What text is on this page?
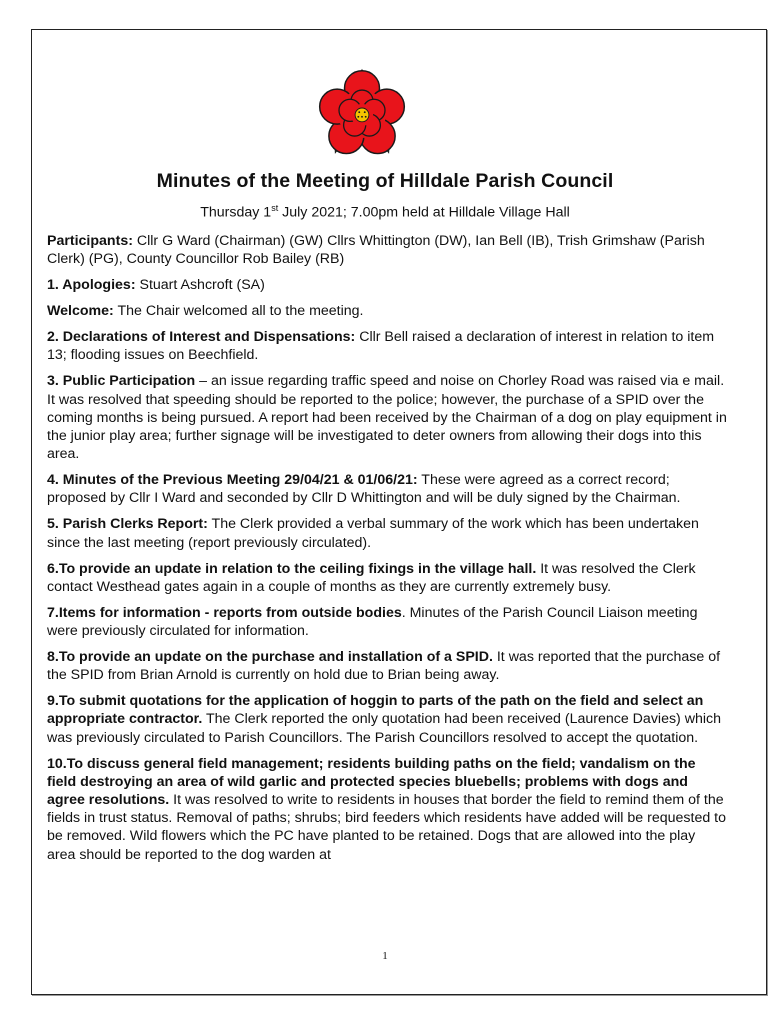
Minutes of the Meeting of Hilldale Parish Council
Thursday 1st July 2021; 7.00pm held at Hilldale Village Hall

Participants: Cllr G Ward (Chairman) (GW) Cllrs Whittington (DW), Ian Bell (IB), Trish Grimshaw (Parish Clerk) (PG), County Councillor Rob Bailey (RB)

1. Apologies: Stuart Ashcroft (SA)

Welcome: The Chair welcomed all to the meeting.

2. Declarations of Interest and Dispensations: Cllr Bell raised a declaration of interest in relation to item 13; flooding issues on Beechfield.

3. Public Participation – an issue regarding traffic speed and noise on Chorley Road was raised via e mail. It was resolved that speeding should be reported to the police; however, the purchase of a SPID over the coming months is being pursued. A report had been received by the Chairman of a dog on play equipment in the junior play area; further signage will be investigated to deter owners from allowing their dogs into this area.

4. Minutes of the Previous Meeting 29/04/21 & 01/06/21: These were agreed as a correct record; proposed by Cllr I Ward and seconded by Cllr D Whittington and will be duly signed by the Chairman.

5. Parish Clerks Report: The Clerk provided a verbal summary of the work which has been undertaken since the last meeting (report previously circulated).

6.To provide an update in relation to the ceiling fixings in the village hall. It was resolved the Clerk contact Westhead gates again in a couple of months as they are currently extremely busy.

7.Items for information - reports from outside bodies. Minutes of the Parish Council Liaison meeting were previously circulated for information.

8.To provide an update on the purchase and installation of a SPID. It was reported that the purchase of the SPID from Brian Arnold is currently on hold due to Brian being away.

9.To submit quotations for the application of hoggin to parts of the path on the field and select an appropriate contractor. The Clerk reported the only quotation had been received (Laurence Davies) which was previously circulated to Parish Councillors. The Parish Councillors resolved to accept the quotation.

10.To discuss general field management; residents building paths on the field; vandalism on the field destroying an area of wild garlic and protected species bluebells; problems with dogs and agree resolutions. It was resolved to write to residents in houses that border the field to remind them of the fields in trust status. Removal of paths; shrubs; bird feeders which residents have added will be requested to be removed. Wild flowers which the PC have planted to be retained. Dogs that are allowed into the play area should be reported to the dog warden at

1
